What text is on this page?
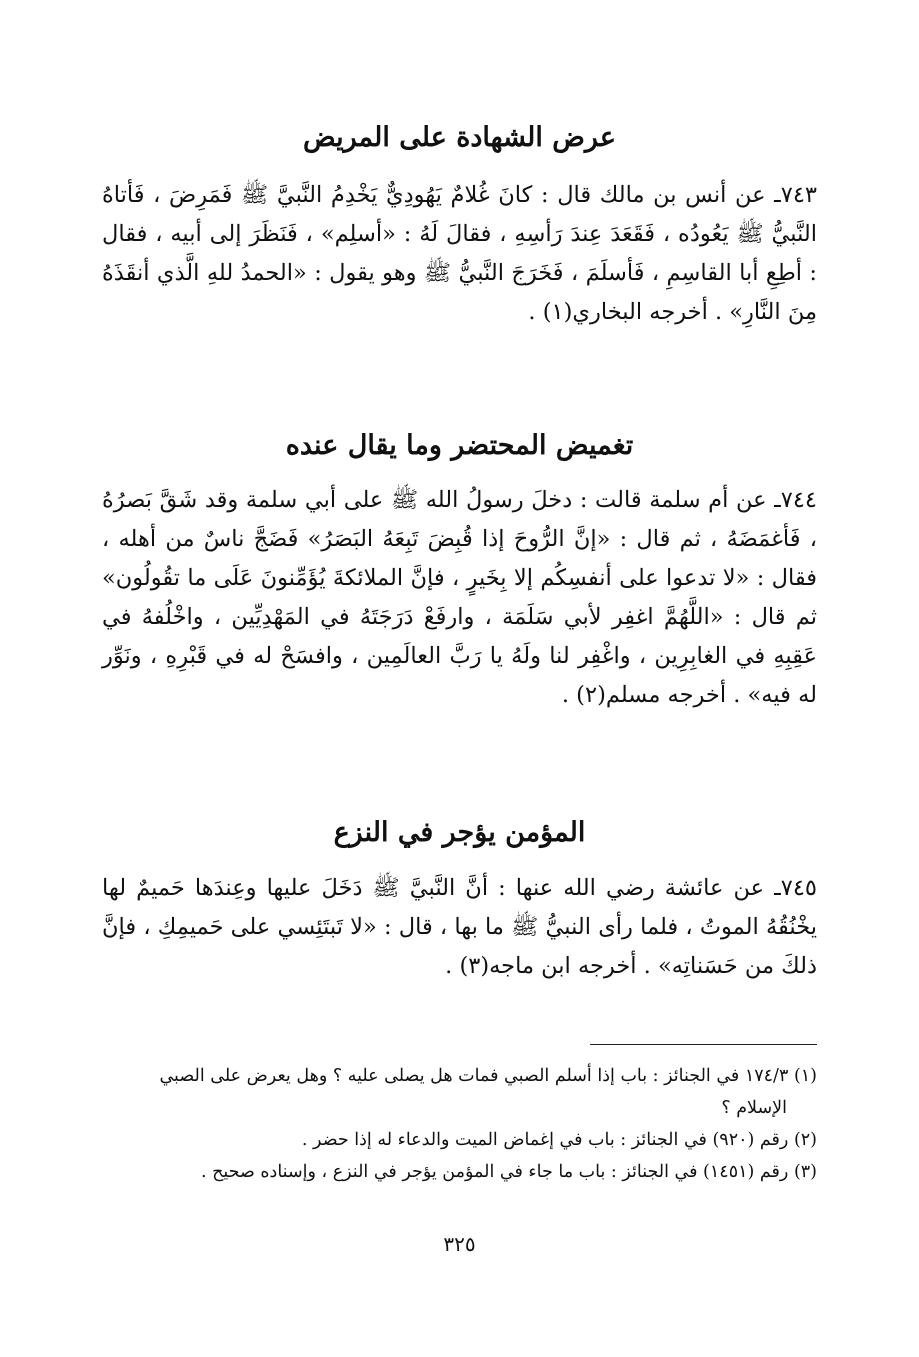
عرض الشهادة على المريض

٧٤٣ـ عن أنس بن مالك قال : كانَ غُلامٌ يَهُودِيٌّ يَخْدِمُ النَّبيَّ ﷺ فَمَرِضَ ، فَأتاهُ النَّبيُّ ﷺ يَعُودُه ، فَقَعَدَ عِندَ رَأسِهِ ، فقالَ لَهُ : «أسلِم» ، فَنَظَرَ إلى أبيه ، فقال : أطِعِ أبا القاسِمِ ، فَأسلَمَ ، فَخَرَجَ النَّبيُّ ﷺ وهو يقول : «الحمدُ للهِ الَّذي أنقَذَهُ مِنَ النَّارِ» . أخرجه البخاري(١) .

تغميض المحتضر وما يقال عنده

٧٤٤ـ عن أم سلمة قالت : دخلَ رسولُ الله ﷺ على أبي سلمة وقد شَقَّ بَصرُهُ ، فَأغمَضَهُ ، ثم قال : «إنَّ الرُّوحَ إذا قُبِضَ تَبِعَهُ البَصَرُ» فَضَجَّ ناسٌ من أهله ، فقال : «لا تدعوا على أنفسِكُم إلا بِخَيرٍ ، فإنَّ الملائكةَ يُؤَمِّنونَ عَلَى ما تقُولُون» ثم قال : «اللَّهُمَّ اغفِر لأبي سَلَمَة ، وارفَعْ دَرَجَتَهُ في المَهْدِيِّين ، واخْلُفهُ في عَقِبِهِ في الغابِرِين ، واغْفِر لنا ولَهُ يا رَبَّ العالَمِين ، وافسَحْ له في قَبْرِهِ ، ونَوِّر له فيه» . أخرجه مسلم(٢) .

المؤمن يؤجر في النزع

٧٤٥ـ عن عائشة رضي الله عنها : أنَّ النَّبيَّ ﷺ دَخَلَ عليها وعِندَها حَميمٌ لها يخْنُقُهُ الموتُ ، فلما رأى النبيُّ ﷺ ما بها ، قال : «لا تَبتَئِسي على حَميمِكِ ، فإنَّ ذلكَ من حَسَناتِه» . أخرجه ابن ماجه(٣) .

(١) ١٧٤/٣ في الجنائز : باب إذا أسلم الصبي فمات هل يصلى عليه ؟ وهل يعرض على الصبي
الإسلام ؟

(٢) رقم (٩٢٠) في الجنائز : باب في إغماض الميت والدعاء له إذا حضر .

(٣) رقم (١٤٥١) في الجنائز : باب ما جاء في المؤمن يؤجر في النزع ، وإسناده صحيح .

٣٢٥
